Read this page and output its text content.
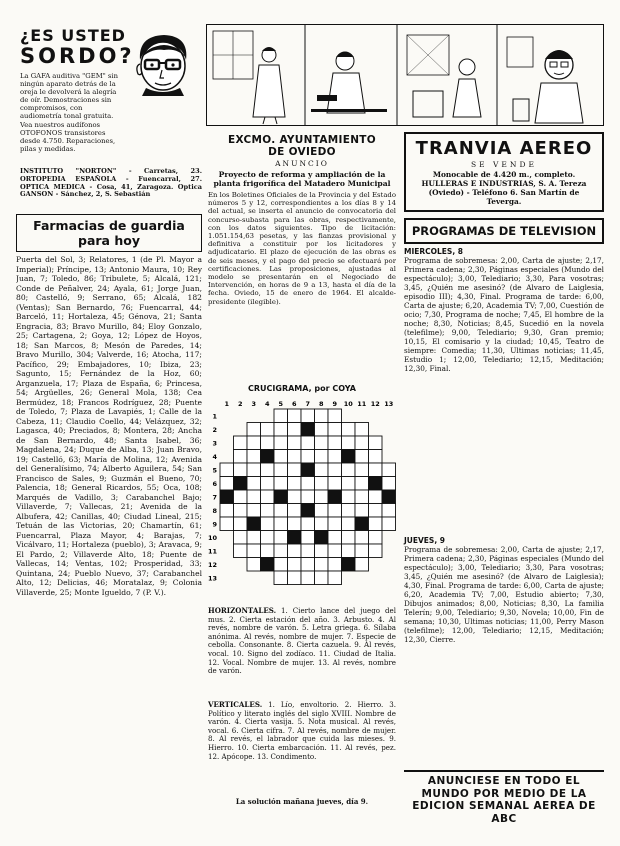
¿ES USTED
SORDO?
La GAFA auditiva "GEM" sin ningún aparato detrás de la oreja le devolverá la alegría de oír. Demostraciones sin compromisos, con audiometría tonal gratuita. Vea nuestros audífonos OTOFONOS transistores desde 4.750. Reparaciones, pilas y medidas.
INSTITUTO "NORTON" - Carretas, 23. ORTOPEDIA ESPAÑOLA - Fuencarral, 27. OPTICA MEDICA - Cosa, 41, Zaragoza. Optica GANSON - Sánchez, 2, S. Sebastián
EXCMO. AYUNTAMIENTO
DE OVIEDO
ANUNCIO
Proyecto de reforma y ampliación de la planta frigorífica del Matadero Municipal
En los Boletines Oficiales de la Provincia y del Estado números 5 y 12, correspondientes a los días 8 y 14 del actual, se inserta el anuncio de convocatoria del concurso-subasta para las obras, respectivamente, con los datos siguientes. Tipo de licitación: 1.051.154,63 pesetas, y las fianzas provisional y definitiva a constituir por los licitadores y adjudicatario. El plazo de ejecución de las obras es de seis meses, y el pago del precio se efectuará por certificaciones. Las proposiciones, ajustadas al modelo se presentarán en el Negociado de Intervención, en horas de 9 a 13, hasta el día de la fecha. Oviedo, 15 de enero de 1964. El alcalde-presidente (ilegible).
TRANVIA AEREO
SE VENDE
Monocable de 4.420 m., completo. HULLERAS E INDUSTRIAS, S. A. Tereza (Oviedo) - Teléfono 6. San Martín de Teverga.
Farmacias de guardia para hoy
Puerta del Sol, 3; Relatores, 1 (de Pl. Mayor a Imperial); Príncipe, 13; Antonio Maura, 10; Rey Juan, 7; Toledo, 86; Tribulete, 5; Alcalá, 121; Conde de Peñalver, 24; Ayala, 61; Jorge Juan, 80; Castelló, 9; Serrano, 65; Alcalá, 182 (Ventas); San Bernardo, 76; Fuencarral, 44; Barceló, 11; Hortaleza, 45; Génova, 21; Santa Engracia, 83; Bravo Murillo, 84; Eloy Gonzalo, 25; Cartagena, 2; Goya, 12; López de Hoyos, 18; San Marcos, 8; Mesón de Paredes, 14; Bravo Murillo, 304; Valverde, 16; Atocha, 117; Pacífico, 29; Embajadores, 10; Ibiza, 23; Sagunto, 15; Fernández de la Hoz, 60; Arganzuela, 17; Plaza de España, 6; Princesa, 54; Argüelles, 26; General Mola, 138; Cea Bermúdez, 18; Francos Rodríguez, 28; Puente de Toledo, 7; Plaza de Lavapiés, 1; Calle de la Cabeza, 11; Claudio Coello, 44; Velázquez, 32; Lagasca, 40; Preciados, 8; Montera, 28; Ancha de San Bernardo, 48; Santa Isabel, 36; Magdalena, 24; Duque de Alba, 13; Juan Bravo, 19; Castelló, 63; María de Molina, 12; Avenida del Generalísimo, 74; Alberto Aguilera, 54; San Francisco de Sales, 9; Guzmán el Bueno, 70; Palencia, 18; General Ricardos, 55; Oca, 108; Marqués de Vadillo, 3; Carabanchel Bajo; Villaverde, 7; Vallecas, 21; Avenida de la Albufera, 42; Canillas, 40; Ciudad Lineal, 215; Tetuán de las Victorias, 20; Chamartín, 61; Fuencarral, Plaza Mayor, 4; Barajas, 7; Vicálvaro, 11; Hortaleza (pueblo), 3; Aravaca, 9; El Pardo, 2; Villaverde Alto, 18; Puente de Vallecas, 14; Ventas, 102; Prosperidad, 33; Quintana, 24; Pueblo Nuevo, 37; Carabanchel Alto, 12; Delicias, 46; Moratalaz, 9; Colonia Villaverde, 25; Monte Igueldo, 7 (P. V.).
CRUCIGRAMA, por COYA
1 2 3 4 5 6 7 8 9 10 11 12 13
1
2
3
4
5
6
7
8
9
10
11
12
13
HORIZONTALES. 1. Cierto lance del juego del mus. 2. Cierta estación del año. 3. Arbusto. 4. Al revés, nombre de varón. 5. Letra griega. 6. Sílaba anónima. Al revés, nombre de mujer. 7. Especie de cebolla. Consonante. 8. Cierta cazuela. 9. Al revés, vocal. 10. Signo del zodíaco. 11. Ciudad de Italia. 12. Vocal. Nombre de mujer. 13. Al revés, nombre de varón.
VERTICALES. 1. Lío, envoltorio. 2. Hierro. 3. Político y literato inglés del siglo XVIII. Nombre de varón. 4. Cierta vasija. 5. Nota musical. Al revés, vocal. 6. Cierta cifra. 7. Al revés, nombre de mujer. 8. Al revés, el labrador que cuida las mieses. 9. Hierro. 10. Cierta embarcación. 11. Al revés, pez. 12. Apócope. 13. Condimento.
La solución mañana jueves, día 9.
PROGRAMAS DE TELEVISION
MIERCOLES, 8
Programa de sobremesa: 2,00, Carta de ajuste; 2,17, Primera cadena; 2,30, Páginas especiales (Mundo del espectáculo); 3,00, Telediario; 3,30, Para vosotras; 3,45, ¿Quién me asesinó? (de Alvaro de Laiglesia, episodio III); 4,30, Final. Programa de tarde: 6,00, Carta de ajuste; 6,20, Academia TV; 7,00, Cuestión de ocio; 7,30, Programa de noche; 7,45, El hombre de la noche; 8,30, Noticias; 8,45, Sucedió en la novela (telefilme); 9,00, Telediario; 9,30, Gran premio; 10,15, El comisario y la ciudad; 10,45, Teatro de siempre: Comedia; 11,30, Ultimas noticias; 11,45, Estudio 1; 12,00, Telediario; 12,15, Meditación; 12,30, Final.
JUEVES, 9
Programa de sobremesa: 2,00, Carta de ajuste; 2,17, Primera cadena; 2,30, Páginas especiales (Mundo del espectáculo); 3,00, Telediario; 3,30, Para vosotras; 3,45, ¿Quién me asesinó? (de Alvaro de Laiglesia); 4,30, Final. Programa de tarde: 6,00, Carta de ajuste; 6,20, Academia TV; 7,00, Estudio abierto; 7,30, Dibujos animados; 8,00, Noticias; 8,30, La familia Telerín; 9,00, Telediario; 9,30, Novela; 10,00, Fin de semana; 10,30, Ultimas noticias; 11,00, Perry Mason (telefilme); 12,00, Telediario; 12,15, Meditación; 12,30, Cierre.
ANUNCIESE EN TODO EL MUNDO POR MEDIO DE LA EDICION SEMANAL AEREA DE ABC
